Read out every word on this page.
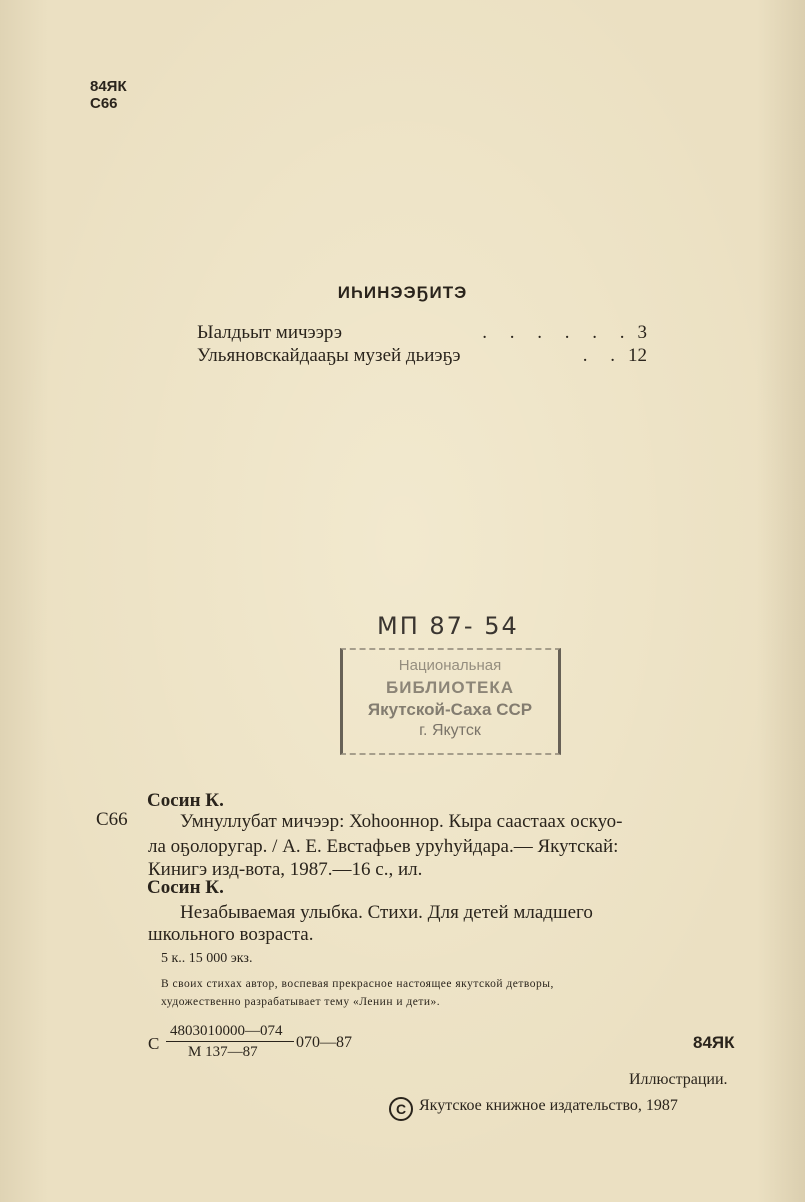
84ЯК
С66
ИҺИНЭЭҔИТЭ
Ыалдьыт мичээрэ	. . . . . . 3
Ульяновскайдааҕы музей дьиэҕэ	. . 12
МП 87- 54
Национальная
БИБЛИОТЕКА
Якутской-Саха ССР
г. Якутск
Сосин К.
С66	Умнуллубат мичээр: Хоһооннор. Кыра саастаах оскуо-
ла оҕолоругар. / А. Е. Евстафьев уруһуйдара.— Якутскай:
Кинигэ изд-вота, 1987.—16 с., ил.
Сосин К.
Незабываемая улыбка. Стихи. Для детей младшего
школьного возраста.
5 к.. 15 000 экз.
В своих стихах автор, воспевая прекрасное настоящее якутской детворы,
художественно разрабатывает тему «Ленин и дети».
С
4803010000—074
М 137—87
070—87	84ЯК
Иллюстрации.
С Якутское книжное издательство, 1987
